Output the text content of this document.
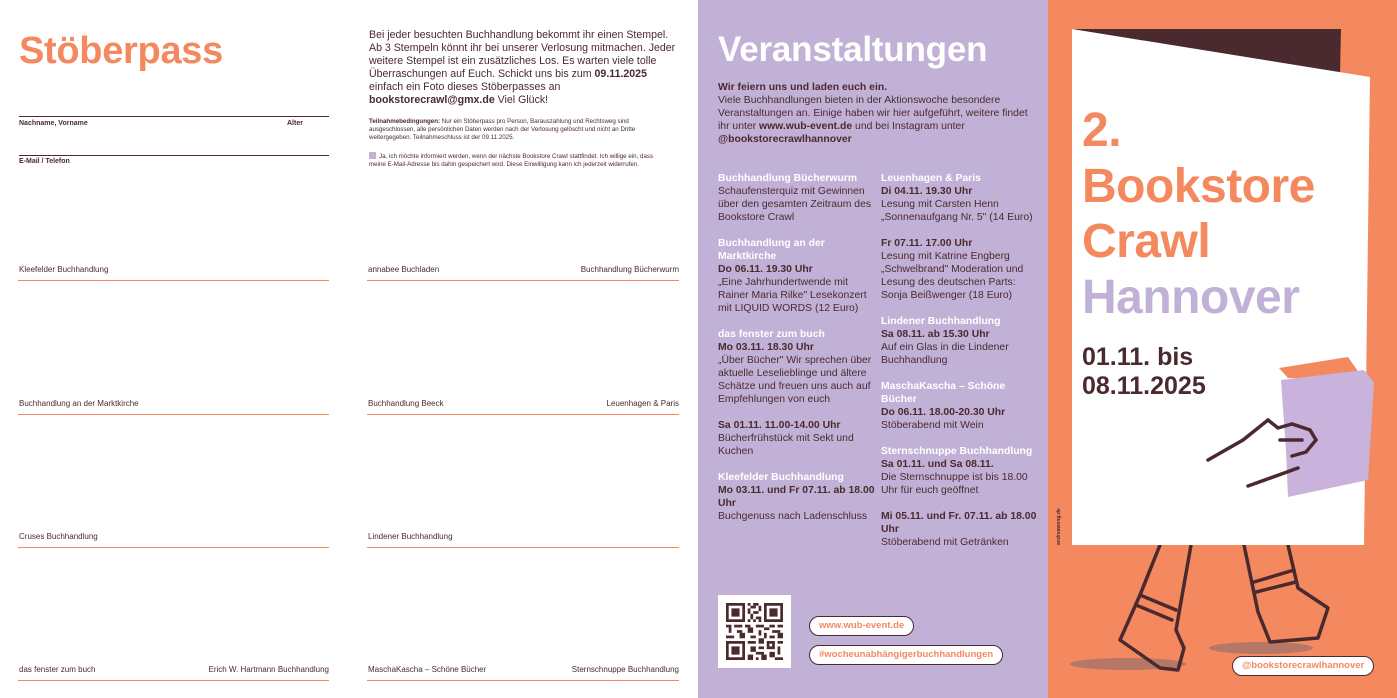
Stöberpass
Nachname, Vorname	Alter
E-Mail / Telefon
Kleefelder Buchhandlung
Buchhandlung an der Marktkirche
Cruses Buchhandlung
das fenster zum buch	Erich W. Hartmann Buchhandlung
Bei jeder besuchten Buchhandlung bekommt ihr einen Stempel. Ab 3 Stempeln könnt ihr bei unserer Verlosung mitmachen. Jeder weitere Stempel ist ein zusätzliches Los. Es warten viele tolle Überraschungen auf Euch. Schickt uns bis zum 09.11.2025 einfach ein Foto dieses Stöberpasses an bookstorecrawl@gmx.de Viel Glück!
Teilnahmebedingungen: Nur ein Stöberpass pro Person, Barauszahlung und Rechtsweg sind ausgeschlossen, alle persönlichen Daten werden nach der Verlosung gelöscht und nicht an Dritte weitergegeben. Teilnahmeschluss ist der 09.11.2025.
Ja, ich möchte informiert werden, wenn der nächste Bookstore Crawl stattfindet. Ich willige ein, dass meine E-Mail-Adresse bis dahin gespeichert wird. Diese Einwilligung kann ich jederzeit widerrufen.
annabee Buchladen	Buchhandlung Bücherwurm
Buchhandlung Beeck	Leuenhagen & Paris
Lindener Buchhandlung
MaschaKascha – Schöne Bücher	Sternschnuppe Buchhandlung
Veranstaltungen
Wir feiern uns und laden euch ein.
Viele Buchhandlungen bieten in der Aktionswoche besondere Veranstaltungen an. Einige haben wir hier aufgeführt, weitere findet ihr unter www.wub-event.de und bei Instagram unter
@bookstorecrawlhannover
Buchhandlung Bücherwurm
Schaufensterquiz mit Gewinnen über den gesamten Zeitraum des Bookstore Crawl
Buchhandlung an der Marktkirche
Do 06.11. 19.30 Uhr
„Eine Jahrhundertwende mit Rainer Maria Rilke" Lesekonzert mit LIQUID WORDS (12 Euro)
das fenster zum buch
Mo 03.11. 18.30 Uhr
„Über Bücher" Wir sprechen über aktuelle Leselieblinge und ältere Schätze und freuen uns auch auf Empfehlungen von euch
Sa 01.11. 11.00-14.00 Uhr
Bücherfrühstück mit Sekt und Kuchen
Kleefelder Buchhandlung
Mo 03.11. und Fr 07.11. ab 18.00 Uhr
Buchgenuss nach Ladenschluss
Leuenhagen & Paris
Di 04.11. 19.30 Uhr
Lesung mit Carsten Henn „Sonnenaufgang Nr. 5" (14 Euro)
Fr 07.11. 17.00 Uhr
Lesung mit Katrine Engberg „Schwelbrand" Moderation und Lesung des deutschen Parts: Sonja Beißwenger (18 Euro)
Lindener Buchhandlung
Sa 08.11. ab 15.30 Uhr
Auf ein Glas in die Lindener Buchhandlung
MaschaKascha – Schöne Bücher
Do 06.11. 18.00-20.30 Uhr
Stöberabend mit Wein
Sternschnuppe Buchhandlung
Sa 01.11. und Sa 08.11.
Die Sternschnuppe ist bis 18.00 Uhr für euch geöffnet
Mi 05.11. und Fr. 07.11. ab 18.00 Uhr
Stöberabend mit Getränken
www.wub-event.de
#wocheunabhängigerbuchhandlungen
2.
Bookstore
Crawl
Hannover
01.11. bis
08.11.2025
andreawong.de
@bookstorecrawlhannover
